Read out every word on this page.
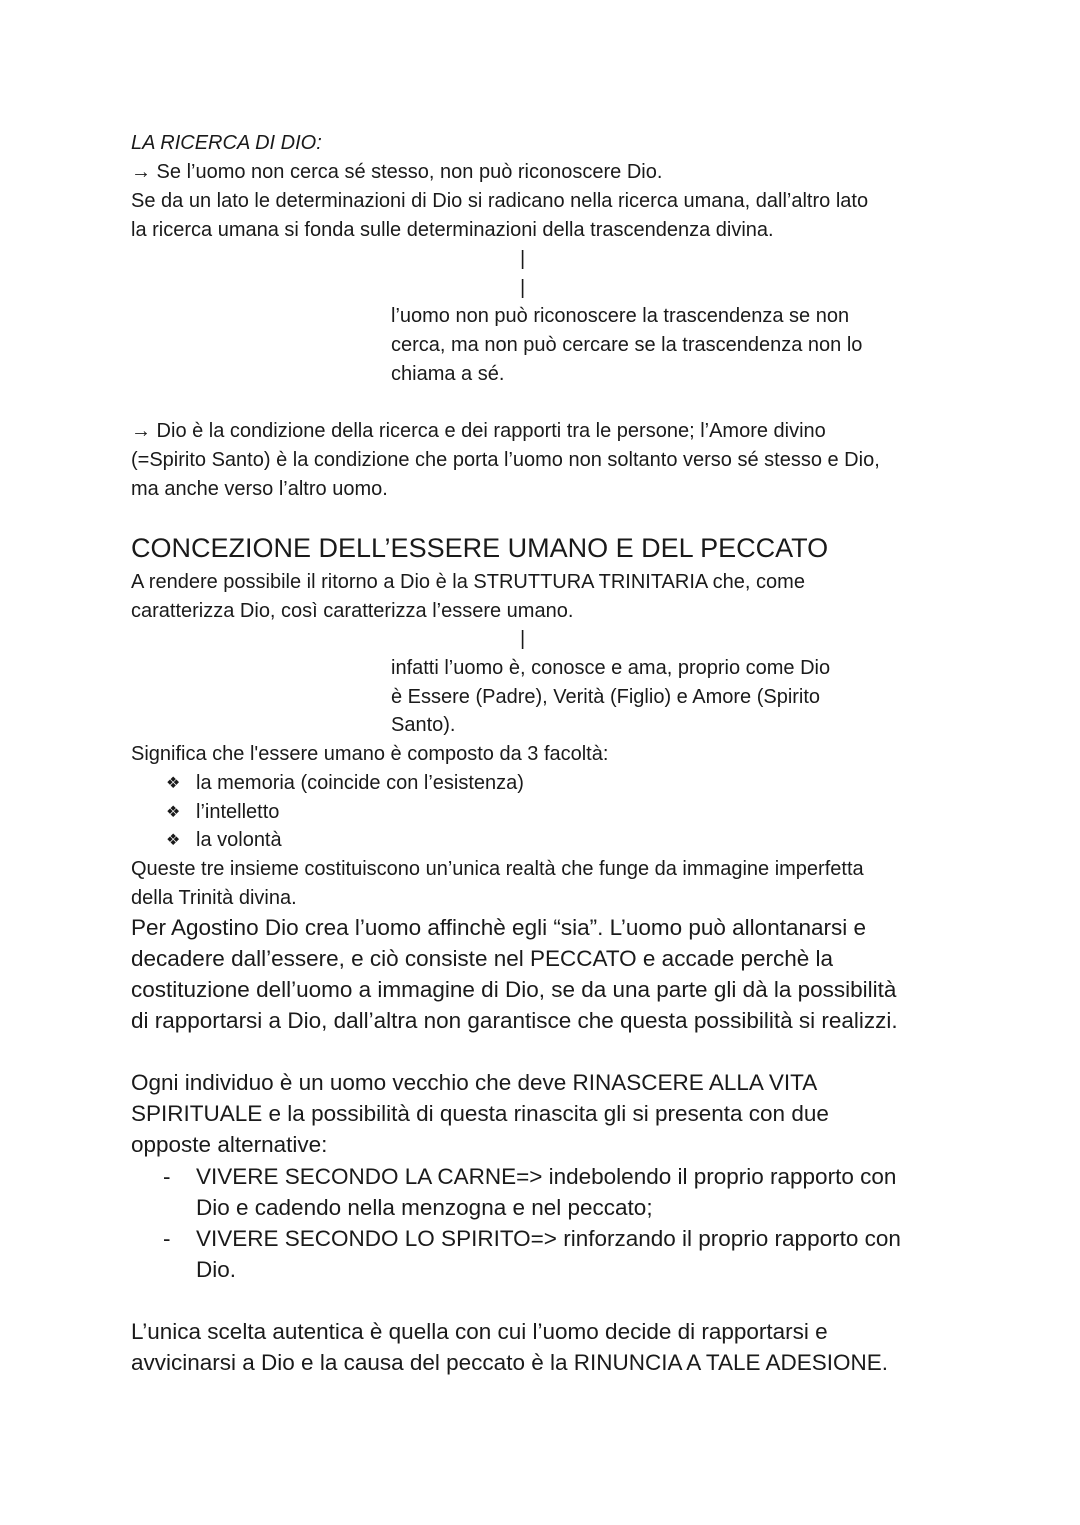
LA RICERCA DI DIO:
→ Se l’uomo non cerca sé stesso, non può riconoscere Dio.
Se da un lato le determinazioni di Dio si radicano nella ricerca umana, dall’altro lato
la ricerca umana si fonda sulle determinazioni della trascendenza divina.
|
|
l’uomo non può riconoscere la trascendenza se non
cerca, ma non può cercare se la trascendenza non lo
chiama a sé.
→ Dio è la condizione della ricerca e dei rapporti tra le persone; l’Amore divino
(=Spirito Santo) è la condizione che porta l’uomo non soltanto verso sé stesso e Dio,
ma anche verso l’altro uomo.
CONCEZIONE DELL’ESSERE UMANO E DEL PECCATO
A rendere possibile il ritorno a Dio è la STRUTTURA TRINITARIA che, come
caratterizza Dio, così caratterizza l’essere umano.
|
infatti l’uomo è, conosce e ama, proprio come Dio
è Essere (Padre), Verità (Figlio) e Amore (Spirito
Santo).
Significa che l'essere umano è composto da 3 facoltà:
❖ la memoria (coincide con l’esistenza)
❖ l’intelletto
❖ la volontà
Queste tre insieme costituiscono un’unica realtà che funge da immagine imperfetta
della Trinità divina.
Per Agostino Dio crea l’uomo affinchè egli “sia”. L’uomo può allontanarsi e
decadere dall’essere, e ciò consiste nel PECCATO e accade perchè la
costituzione dell’uomo a immagine di Dio, se da una parte gli dà la possibilità
di rapportarsi a Dio, dall’altra non garantisce che questa possibilità si realizzi.
Ogni individuo è un uomo vecchio che deve RINASCERE ALLA VITA
SPIRITUALE e la possibilità di questa rinascita gli si presenta con due
opposte alternative:
- VIVERE SECONDO LA CARNE=> indebolendo il proprio rapporto con
Dio e cadendo nella menzogna e nel peccato;
- VIVERE SECONDO LO SPIRITO=> rinforzando il proprio rapporto con
Dio.
L’unica scelta autentica è quella con cui l’uomo decide di rapportarsi e
avvicinarsi a Dio e la causa del peccato è la RINUNCIA A TALE ADESIONE.
